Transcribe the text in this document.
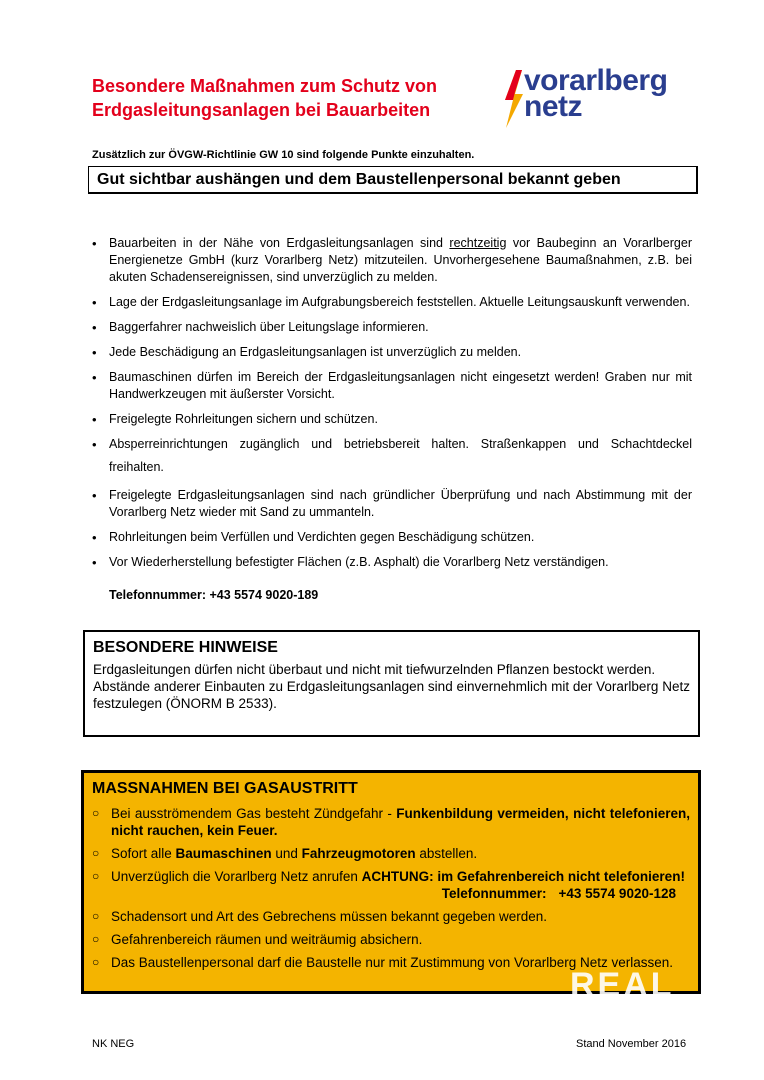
Besondere Maßnahmen zum Schutz von
Erdgasleitungsanlagen bei Bauarbeiten
vorarlberg
netz
Zusätzlich zur ÖVGW-Richtlinie GW 10 sind folgende Punkte einzuhalten.
Gut sichtbar aushängen und dem Baustellenpersonal bekannt geben
• Bauarbeiten in der Nähe von Erdgasleitungsanlagen sind rechtzeitig vor Baubeginn an Vorarlberger Energienetze GmbH (kurz Vorarlberg Netz) mitzuteilen. Unvorhergesehene Baumaßnahmen, z.B. bei akuten Schadensereignissen, sind unverzüglich zu melden.
• Lage der Erdgasleitungsanlage im Aufgrabungsbereich feststellen. Aktuelle Leitungsauskunft verwenden.
• Baggerfahrer nachweislich über Leitungslage informieren.
• Jede Beschädigung an Erdgasleitungsanlagen ist unverzüglich zu melden.
• Baumaschinen dürfen im Bereich der Erdgasleitungsanlagen nicht eingesetzt werden! Graben nur mit Handwerkzeugen mit äußerster Vorsicht.
• Freigelegte Rohrleitungen sichern und schützen.
• Absperreinrichtungen zugänglich und betriebsbereit halten. Straßenkappen und Schachtdeckel freihalten.
• Freigelegte Erdgasleitungsanlagen sind nach gründlicher Überprüfung und nach Abstimmung mit der Vorarlberg Netz wieder mit Sand zu ummanteln.
• Rohrleitungen beim Verfüllen und Verdichten gegen Beschädigung schützen.
• Vor Wiederherstellung befestigter Flächen (z.B. Asphalt) die Vorarlberg Netz verständigen.
Telefonnummer: +43 5574 9020-189
BESONDERE HINWEISE

Erdgasleitungen dürfen nicht überbaut und nicht mit tiefwurzelnden Pflanzen bestockt werden.

Abstände anderer Einbauten zu Erdgasleitungsanlagen sind einvernehmlich mit der Vorarlberg Netz festzulegen (ÖNORM B 2533).

MASSNAHMEN BEI GASAUSTRITT
○ Bei ausströmendem Gas besteht Zündgefahr - Funkenbildung vermeiden, nicht telefonieren, nicht rauchen, kein Feuer.
○ Sofort alle Baumaschinen und Fahrzeugmotoren abstellen.
○ Unverzüglich die Vorarlberg Netz anrufen ACHTUNG: im Gefahrenbereich nicht telefonieren!
Telefonnummer: +43 5574 9020-128
○ Schadensort und Art des Gebrechens müssen bekannt gegeben werden.
○ Gefahrenbereich räumen und weiträumig absichern.
○ Das Baustellenpersonal darf die Baustelle nur mit Zustimmung von Vorarlberg Netz verlassen.
REAL
NK NEG	Stand November 2016
